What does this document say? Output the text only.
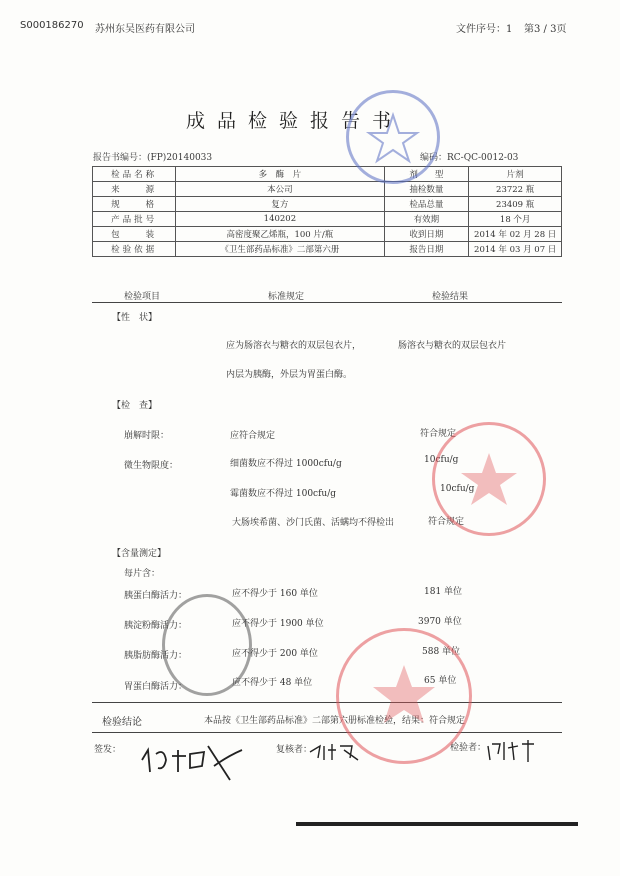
S000186270 苏州东吴医药有限公司	文件序号：1 第3 / 3页
成品检验报告书
报告书编号：(FP)20140033	编码：RC-QC-0012-03
检品名称	多　酶　片	剂　　型	片剂
来　　源	本公司	抽检数量	23722 瓶
规　　格	复方	检品总量	23409 瓶
产品批号	140202	有效期	18 个月
包　　装	高密度聚乙烯瓶，100 片/瓶	收到日期	2014 年 02 月 28 日
检验依据	《卫生部药品标准》二部第六册	报告日期	2014 年 03 月 07 日
检验项目	标准规定	检验结果
【性　状】
应为肠溶衣与糖衣的双层包衣片，
内层为胰酶，外层为胃蛋白酶。
肠溶衣与糖衣的双层包衣片
【检　查】
崩解时限：	应符合规定	符合规定
微生物限度：	细菌数应不得过 1000cfu/g	10cfu/g
霉菌数应不得过 100cfu/g	10cfu/g
大肠埃希菌、沙门氏菌、活螨均不得检出	符合规定
【含量测定】
每片含：
胰蛋白酶活力：	应不得少于 160 单位	181 单位
胰淀粉酶活力：	应不得少于 1900 单位	3970 单位
胰脂肪酶活力：	应不得少于 200 单位	588 单位
胃蛋白酶活力：	应不得少于 48 单位	65 单位
检验结论	本品按《卫生部药品标准》二部第六册标准检验，结果：符合规定
签发：	复核者：	检验者：
